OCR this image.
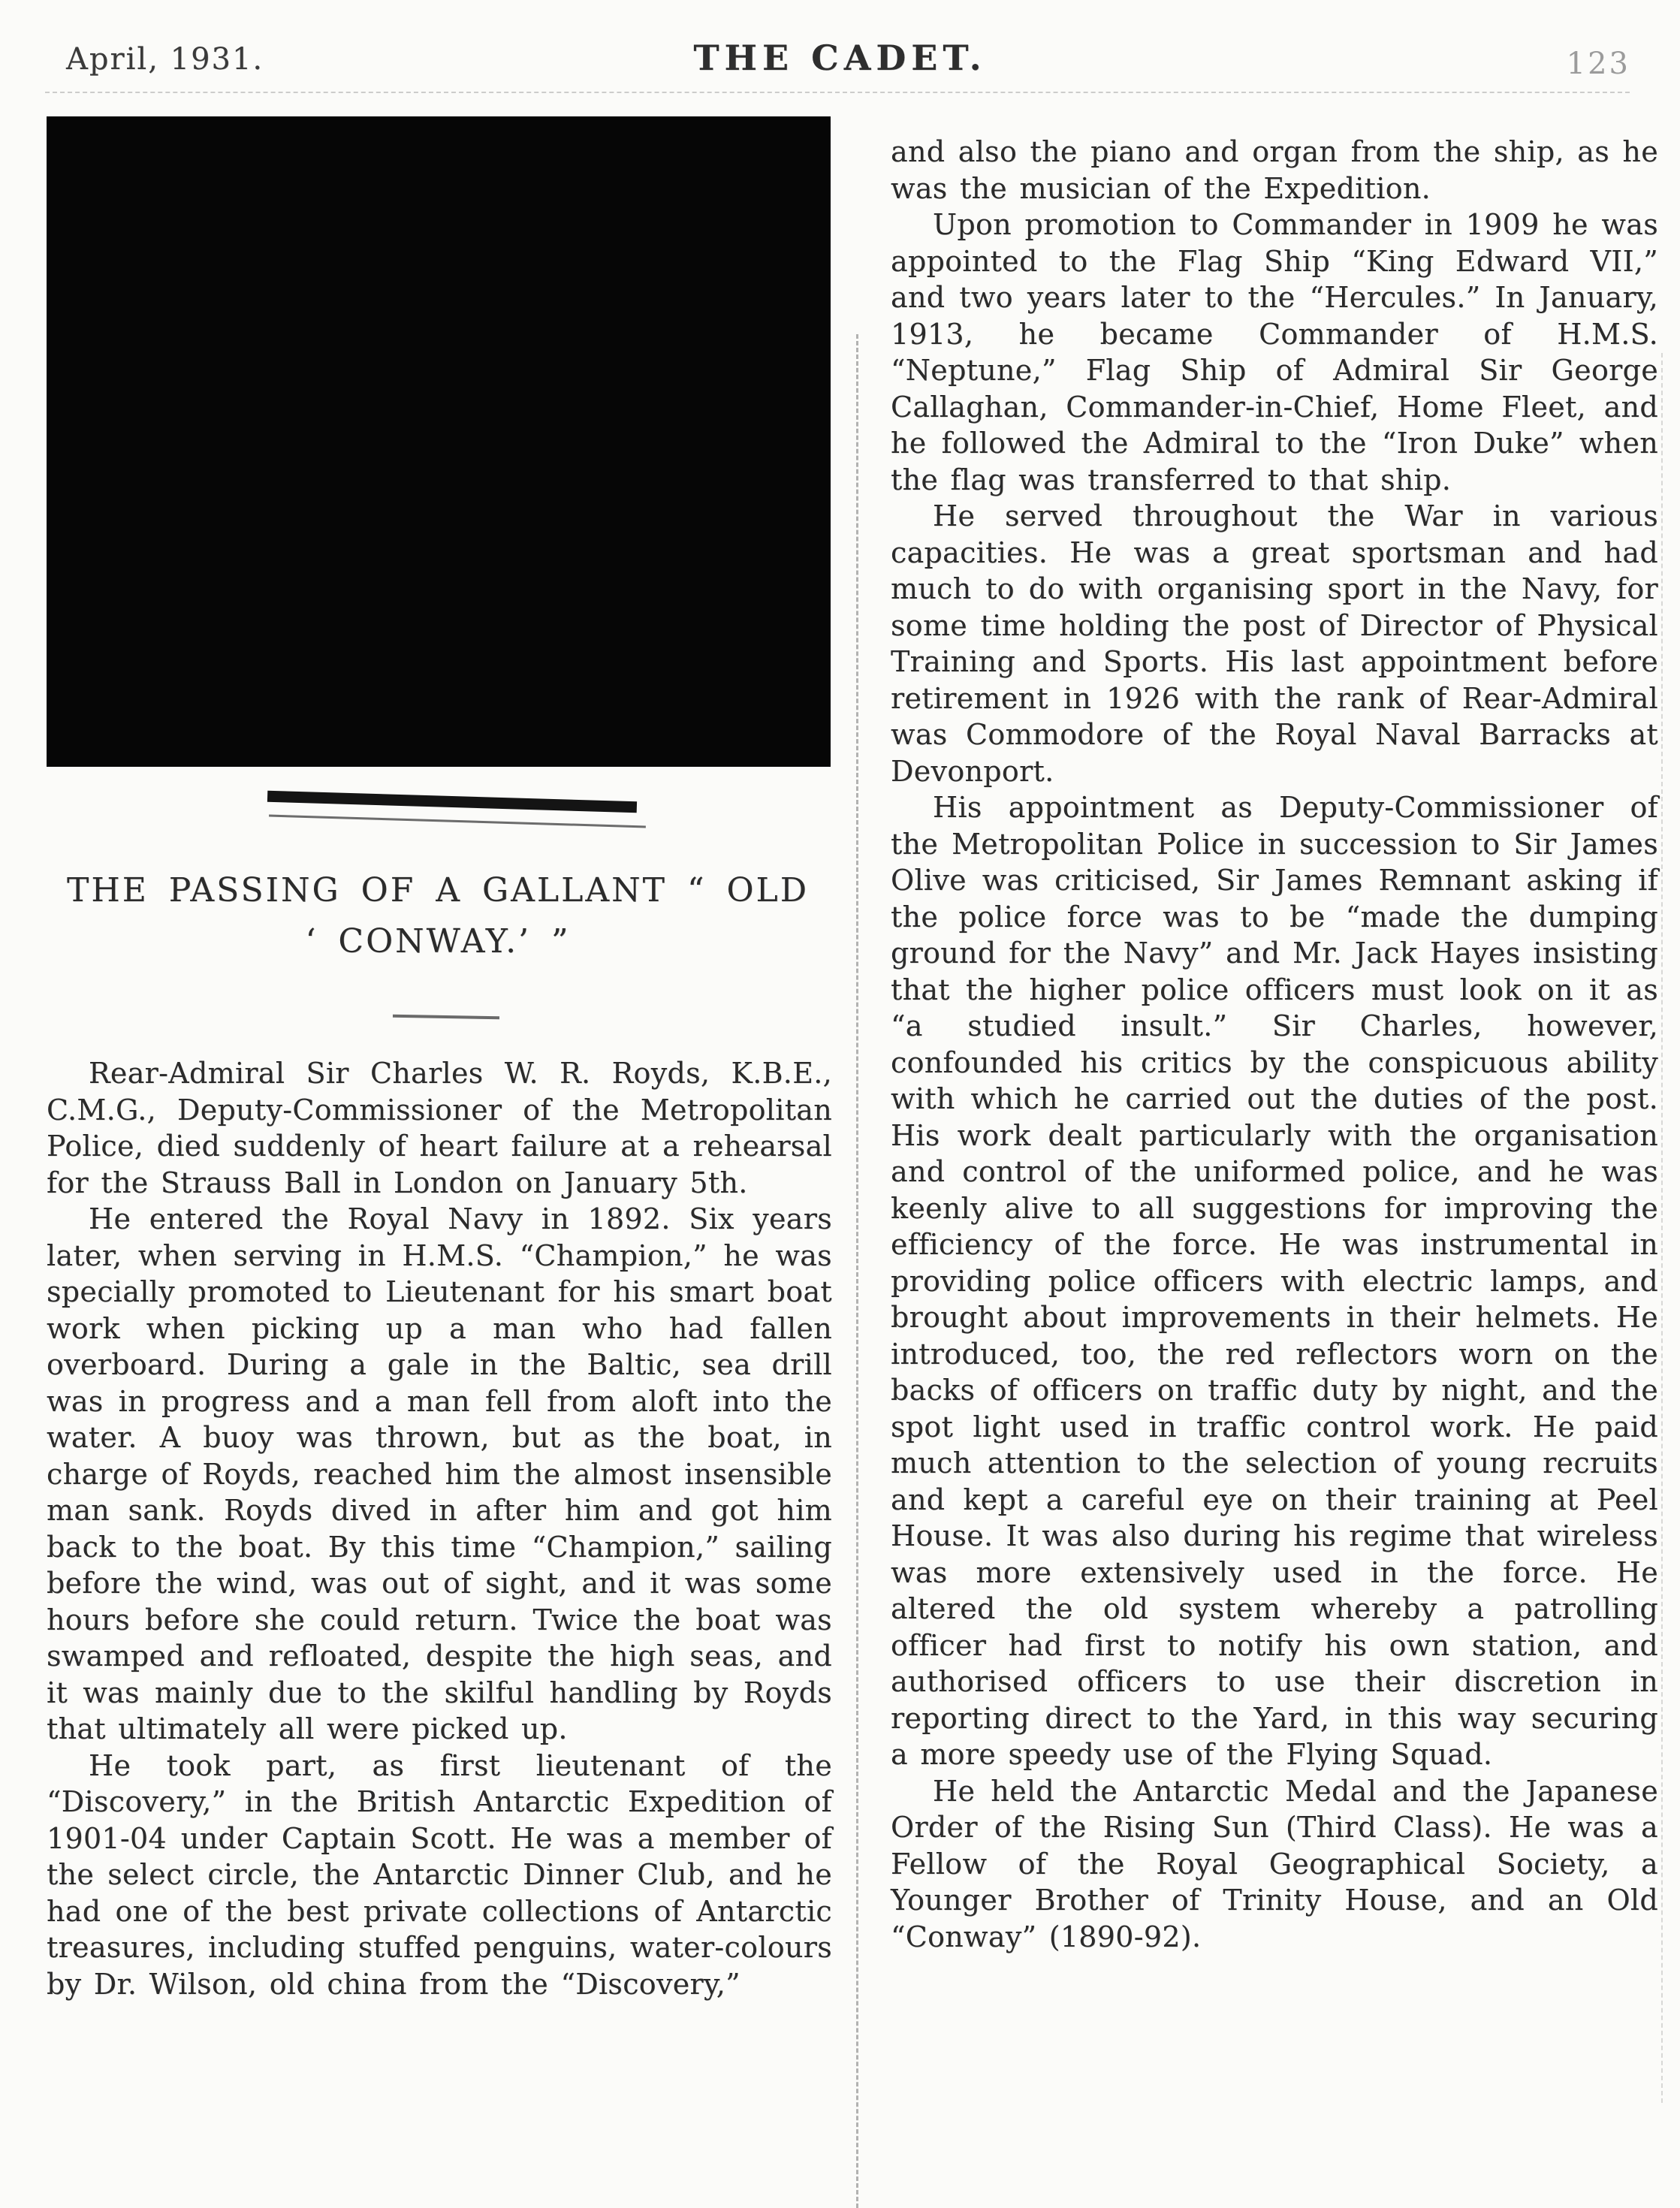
April, 1931.	THE CADET.	123
THE PASSING OF A GALLANT “ OLD
‘ CONWAY.’ ”

Rear-Admiral Sir Charles W. R. Royds, K.B.E., C.M.G., Deputy-Commissioner of the Metropolitan Police, died suddenly of heart failure at a rehearsal for the Strauss Ball in London on January 5th.

He entered the Royal Navy in 1892. Six years later, when serving in H.M.S. “Champion,” he was specially promoted to Lieutenant for his smart boat work when picking up a man who had fallen overboard. During a gale in the Baltic, sea drill was in progress and a man fell from aloft into the water. A buoy was thrown, but as the boat, in charge of Royds, reached him the almost insensible man sank. Royds dived in after him and got him back to the boat. By this time “Champion,” sailing before the wind, was out of sight, and it was some hours before she could return. Twice the boat was swamped and refloated, despite the high seas, and it was mainly due to the skilful handling by Royds that ultimately all were picked up.

He took part, as first lieutenant of the “Discovery,” in the British Antarctic Expedition of 1901-04 under Captain Scott. He was a member of the select circle, the Antarctic Dinner Club, and he had one of the best private collections of Antarctic treasures, including stuffed penguins, water-colours by Dr. Wilson, old china from the “Discovery,”

and also the piano and organ from the ship, as he was the musician of the Expedition.

Upon promotion to Commander in 1909 he was appointed to the Flag Ship “King Edward VII,” and two years later to the “Hercules.” In January, 1913, he became Commander of H.M.S. “Neptune,” Flag Ship of Admiral Sir George Callaghan, Commander-in-Chief, Home Fleet, and he followed the Admiral to the “Iron Duke” when the flag was transferred to that ship.

He served throughout the War in various capacities. He was a great sportsman and had much to do with organising sport in the Navy, for some time holding the post of Director of Physical Training and Sports. His last appointment before retirement in 1926 with the rank of Rear-Admiral was Commodore of the Royal Naval Barracks at Devonport.

His appointment as Deputy-Commissioner of the Metropolitan Police in succession to Sir James Olive was criticised, Sir James Remnant asking if the police force was to be “made the dumping ground for the Navy” and Mr. Jack Hayes insisting that the higher police officers must look on it as “a studied insult.” Sir Charles, however, confounded his critics by the conspicuous ability with which he carried out the duties of the post. His work dealt particularly with the organisation and control of the uniformed police, and he was keenly alive to all suggestions for improving the efficiency of the force. He was instrumental in providing police officers with electric lamps, and brought about improvements in their helmets. He introduced, too, the red reflectors worn on the backs of officers on traffic duty by night, and the spot light used in traffic control work. He paid much attention to the selection of young recruits and kept a careful eye on their training at Peel House. It was also during his regime that wireless was more extensively used in the force. He altered the old system whereby a patrolling officer had first to notify his own station, and authorised officers to use their discretion in reporting direct to the Yard, in this way securing a more speedy use of the Flying Squad.

He held the Antarctic Medal and the Japanese Order of the Rising Sun (Third Class). He was a Fellow of the Royal Geographical Society, a Younger Brother of Trinity House, and an Old “Conway” (1890-92).
